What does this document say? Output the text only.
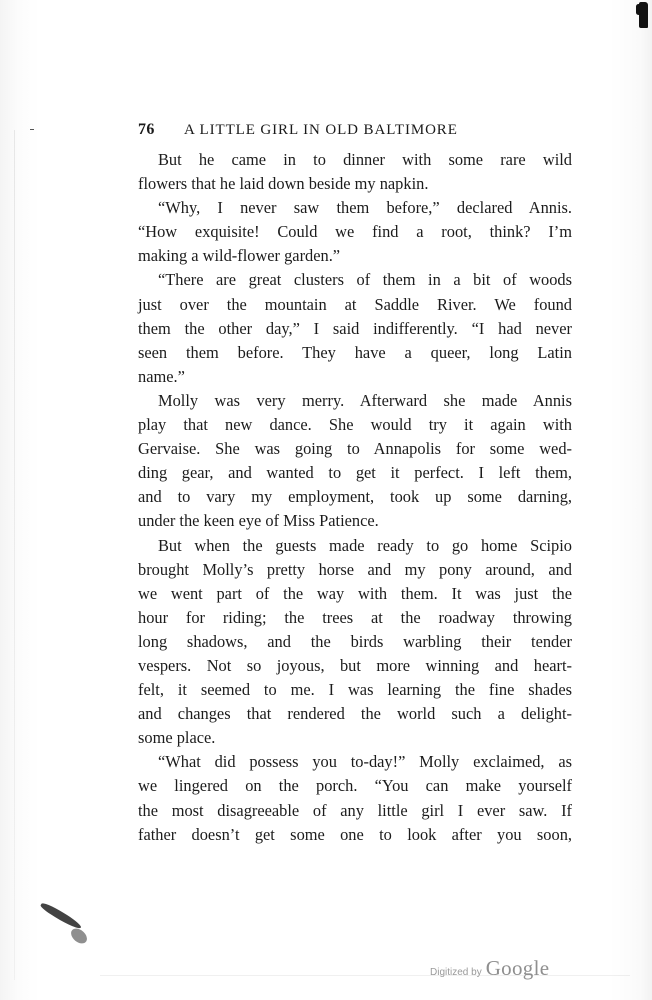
76 A LITTLE GIRL IN OLD BALTIMORE
But he came in to dinner with some rare wild
flowers that he laid down beside my napkin.
“Why, I never saw them before,” declared Annis.
“How exquisite! Could we find a root, think? I’m
making a wild-flower garden.”
“There are great clusters of them in a bit of woods
just over the mountain at Saddle River. We found
them the other day,” I said indifferently. “I had never
seen them before. They have a queer, long Latin
name.”
Molly was very merry. Afterward she made Annis
play that new dance. She would try it again with
Gervaise. She was going to Annapolis for some wed-
ding gear, and wanted to get it perfect. I left them,
and to vary my employment, took up some darning,
under the keen eye of Miss Patience.
But when the guests made ready to go home Scipio
brought Molly’s pretty horse and my pony around, and
we went part of the way with them. It was just the
hour for riding; the trees at the roadway throwing
long shadows, and the birds warbling their tender
vespers. Not so joyous, but more winning and heart-
felt, it seemed to me. I was learning the fine shades
and changes that rendered the world such a delight-
some place.
“What did possess you to-day!” Molly exclaimed, as
we lingered on the porch. “You can make yourself
the most disagreeable of any little girl I ever saw. If
father doesn’t get some one to look after you soon,
Digitized by Google
